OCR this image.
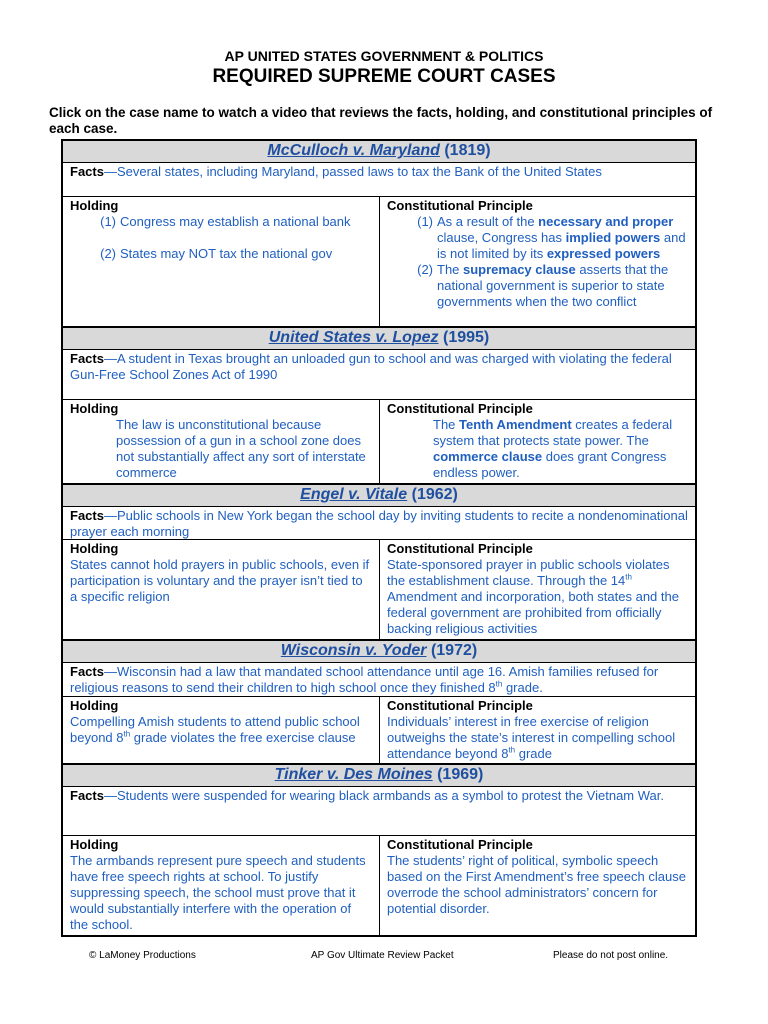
AP UNITED STATES GOVERNMENT & POLITICS
REQUIRED SUPREME COURT CASES
Click on the case name to watch a video that reviews the facts, holding, and constitutional principles of each case.
McCulloch v. Maryland (1819)
Facts—Several states, including Maryland, passed laws to tax the Bank of the United States
Holding
(1) Congress may establish a national bank
(2) States may NOT tax the national gov
Constitutional Principle
(1) As a result of the necessary and proper clause, Congress has implied powers and is not limited by its expressed powers
(2) The supremacy clause asserts that the national government is superior to state governments when the two conflict
United States v. Lopez (1995)
Facts—A student in Texas brought an unloaded gun to school and was charged with violating the federal Gun-Free School Zones Act of 1990
Holding
The law is unconstitutional because possession of a gun in a school zone does not substantially affect any sort of interstate commerce
Constitutional Principle
The Tenth Amendment creates a federal system that protects state power. The commerce clause does grant Congress endless power.
Engel v. Vitale (1962)
Facts—Public schools in New York began the school day by inviting students to recite a nondenominational prayer each morning
Holding
States cannot hold prayers in public schools, even if participation is voluntary and the prayer isn’t tied to a specific religion
Constitutional Principle
State-sponsored prayer in public schools violates the establishment clause. Through the 14th Amendment and incorporation, both states and the federal government are prohibited from officially backing religious activities
Wisconsin v. Yoder (1972)
Facts—Wisconsin had a law that mandated school attendance until age 16. Amish families refused for religious reasons to send their children to high school once they finished 8th grade.
Holding
Compelling Amish students to attend public school beyond 8th grade violates the free exercise clause
Constitutional Principle
Individuals’ interest in free exercise of religion outweighs the state’s interest in compelling school attendance beyond 8th grade
Tinker v. Des Moines (1969)
Facts—Students were suspended for wearing black armbands as a symbol to protest the Vietnam War.
Holding
The armbands represent pure speech and students have free speech rights at school. To justify suppressing speech, the school must prove that it would substantially interfere with the operation of the school.
Constitutional Principle
The students’ right of political, symbolic speech based on the First Amendment’s free speech clause overrode the school administrators’ concern for potential disorder.
© LaMoney Productions	AP Gov Ultimate Review Packet	Please do not post online.
